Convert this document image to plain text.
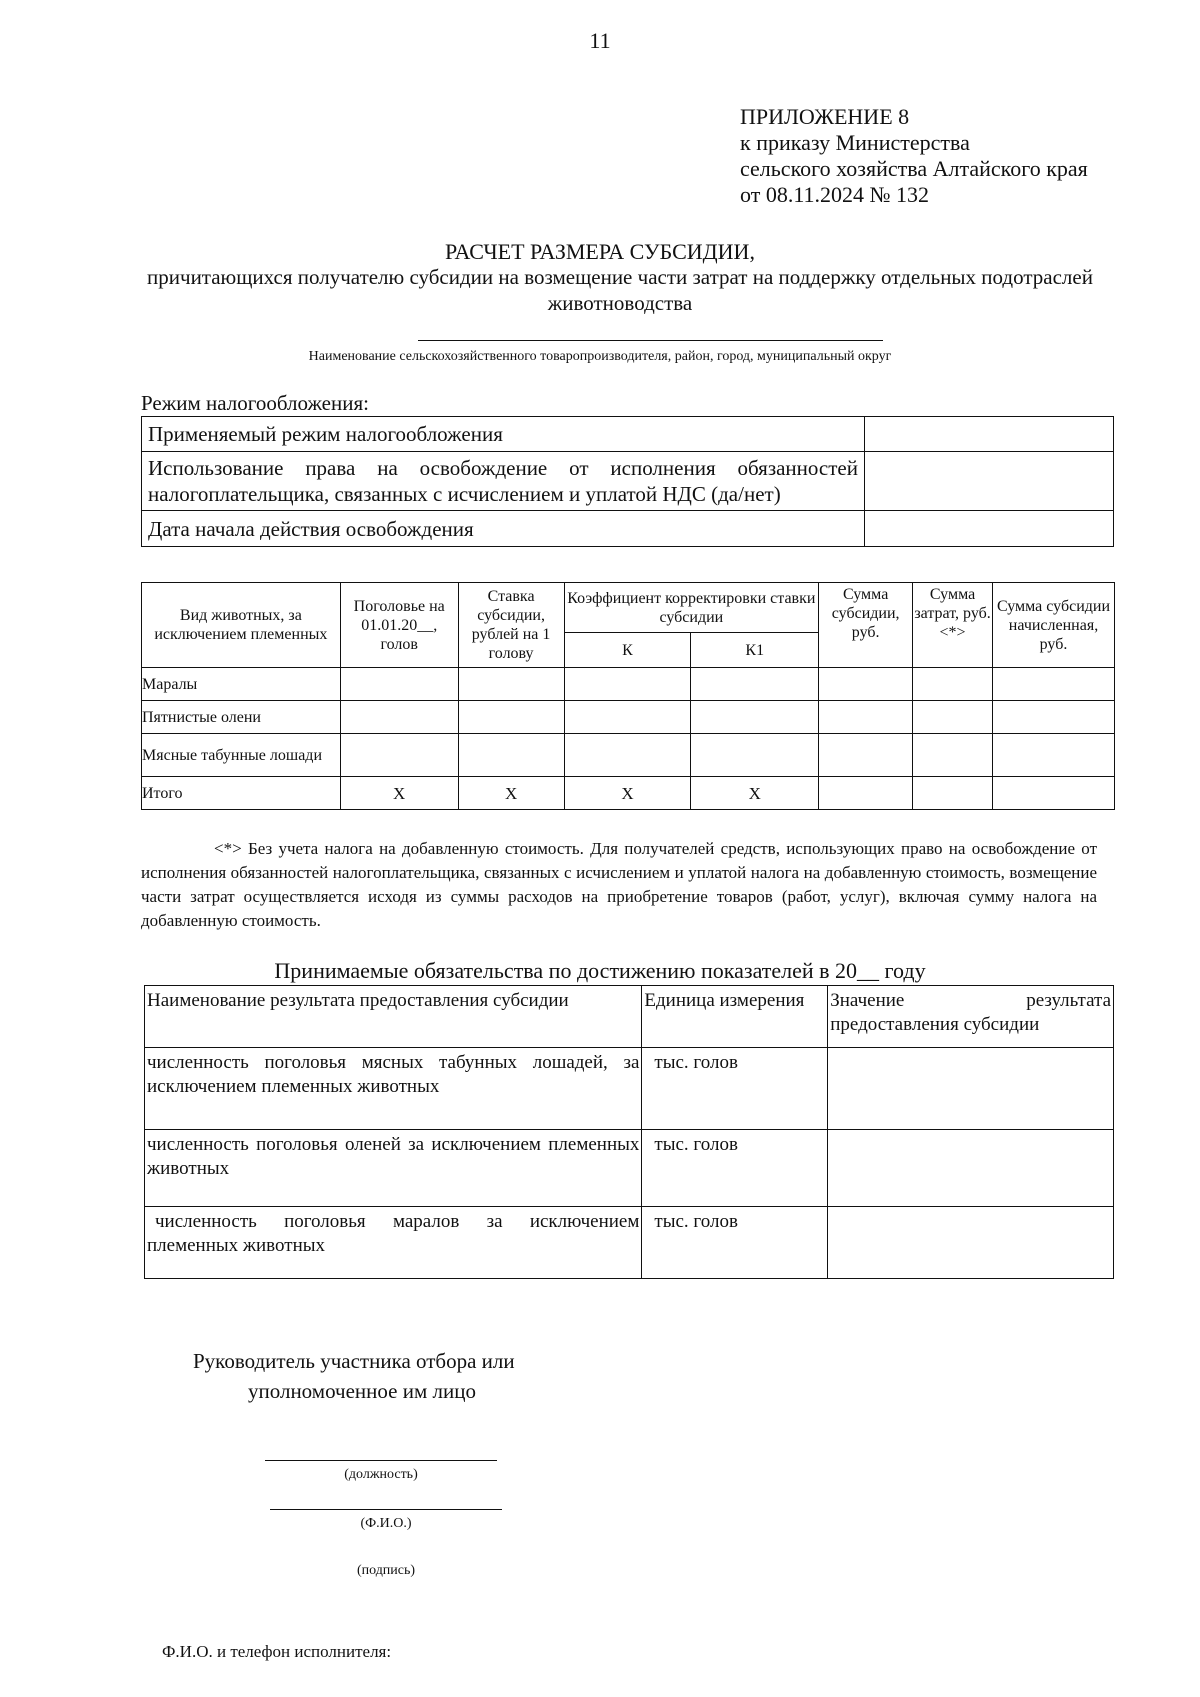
11
ПРИЛОЖЕНИЕ 8
к приказу Министерства
сельского хозяйства Алтайского края
от 08.11.2024 № 132
РАСЧЕТ РАЗМЕРА СУБСИДИИ,
причитающихся получателю субсидии на возмещение части затрат на поддержку отдельных подотраслей животноводства
Наименование сельскохозяйственного товаропроизводителя, район, город, муниципальный округ
Режим налогообложения:
Применяемый режим налогообложения	
Использование права на освобождение от исполнения обязанностей налогоплательщика, связанных с исчислением и уплатой НДС (да/нет)	
Дата начала действия освобождения	
Вид животных, за исключением племенных	Поголовье на 01.01.20__, голов	Ставка субсидии, рублей на 1 голову	Коэффициент корректировки ставки субсидии		Сумма субсидии, руб.	Сумма затрат, руб.<*>	Сумма субсидии начисленная, руб.
			К	К1			
Маралы							
Пятнистые олени							
Мясные табунные лошади							
Итого	X	X	X	X			
<*> Без учета налога на добавленную стоимость. Для получателей средств, использующих право на освобождение от исполнения обязанностей налогоплательщика, связанных с исчислением и уплатой налога на добавленную стоимость, возмещение части затрат осуществляется исходя из суммы расходов на приобретение товаров (работ, услуг), включая сумму налога на добавленную стоимость.
Принимаемые обязательства по достижению показателей в 20__ году
Наименование результата предоставления субсидии	Единица измерения	Значение результата предоставления субсидии
численность поголовья мясных табунных лошадей, за исключением племенных животных	тыс. голов	
численность поголовья оленей за исключением племенных животных	тыс. голов	
численность поголовья маралов за исключением племенных животных	тыс. голов	
Руководитель участника отбора или
уполномоченное им лицо
(должность)
(Ф.И.О.)
(подпись)
Ф.И.О. и телефон исполнителя:
